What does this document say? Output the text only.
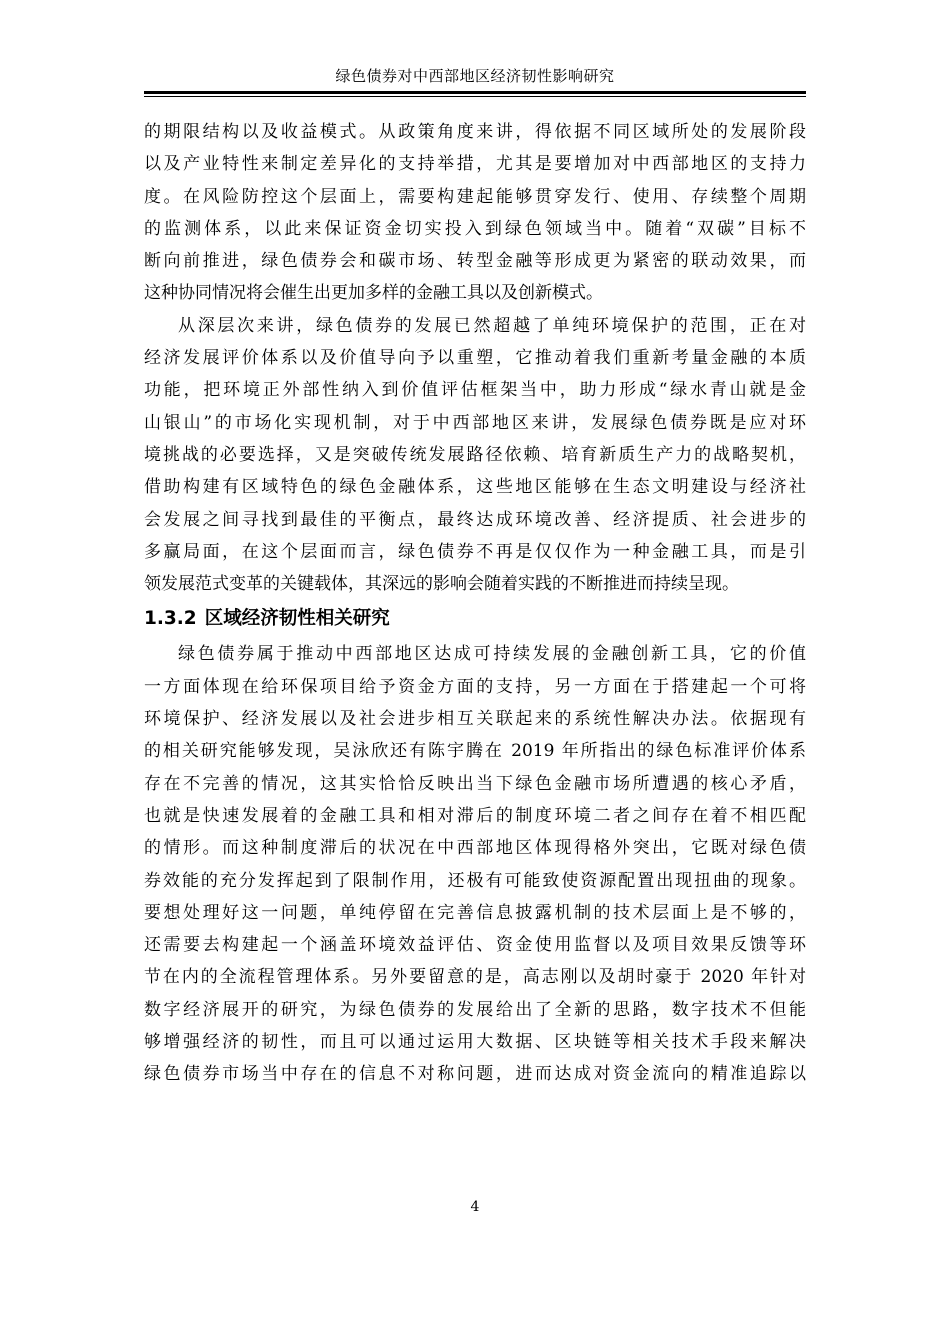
绿色债券对中西部地区经济韧性影响研究
的期限结构以及收益模式。从政策角度来讲，得依据不同区域所处的发展阶段
以及产业特性来制定差异化的支持举措，尤其是要增加对中西部地区的支持力
度。在风险防控这个层面上，需要构建起能够贯穿发行、使用、存续整个周期
的监测体系，以此来保证资金切实投入到绿色领域当中。随着“双碳”目标不
断向前推进，绿色债券会和碳市场、转型金融等形成更为紧密的联动效果，而
这种协同情况将会催生出更加多样的金融工具以及创新模式。
从深层次来讲，绿色债券的发展已然超越了单纯环境保护的范围，正在对
经济发展评价体系以及价值导向予以重塑，它推动着我们重新考量金融的本质
功能，把环境正外部性纳入到价值评估框架当中，助力形成“绿水青山就是金
山银山”的市场化实现机制，对于中西部地区来讲，发展绿色债券既是应对环
境挑战的必要选择，又是突破传统发展路径依赖、培育新质生产力的战略契机，
借助构建有区域特色的绿色金融体系，这些地区能够在生态文明建设与经济社
会发展之间寻找到最佳的平衡点，最终达成环境改善、经济提质、社会进步的
多赢局面，在这个层面而言，绿色债券不再是仅仅作为一种金融工具，而是引
领发展范式变革的关键载体，其深远的影响会随着实践的不断推进而持续呈现。
1.3.2 区域经济韧性相关研究
绿色债券属于推动中西部地区达成可持续发展的金融创新工具，它的价值
一方面体现在给环保项目给予资金方面的支持，另一方面在于搭建起一个可将
环境保护、经济发展以及社会进步相互关联起来的系统性解决办法。依据现有
的相关研究能够发现，吴泳欣还有陈宇腾在 2019 年所指出的绿色标准评价体系
存在不完善的情况，这其实恰恰反映出当下绿色金融市场所遭遇的核心矛盾，
也就是快速发展着的金融工具和相对滞后的制度环境二者之间存在着不相匹配
的情形。而这种制度滞后的状况在中西部地区体现得格外突出，它既对绿色债
券效能的充分发挥起到了限制作用，还极有可能致使资源配置出现扭曲的现象。
要想处理好这一问题，单纯停留在完善信息披露机制的技术层面上是不够的，
还需要去构建起一个涵盖环境效益评估、资金使用监督以及项目效果反馈等环
节在内的全流程管理体系。另外要留意的是，高志刚以及胡时豪于 2020 年针对
数字经济展开的研究，为绿色债券的发展给出了全新的思路，数字技术不但能
够增强经济的韧性，而且可以通过运用大数据、区块链等相关技术手段来解决
绿色债券市场当中存在的信息不对称问题，进而达成对资金流向的精准追踪以
4
